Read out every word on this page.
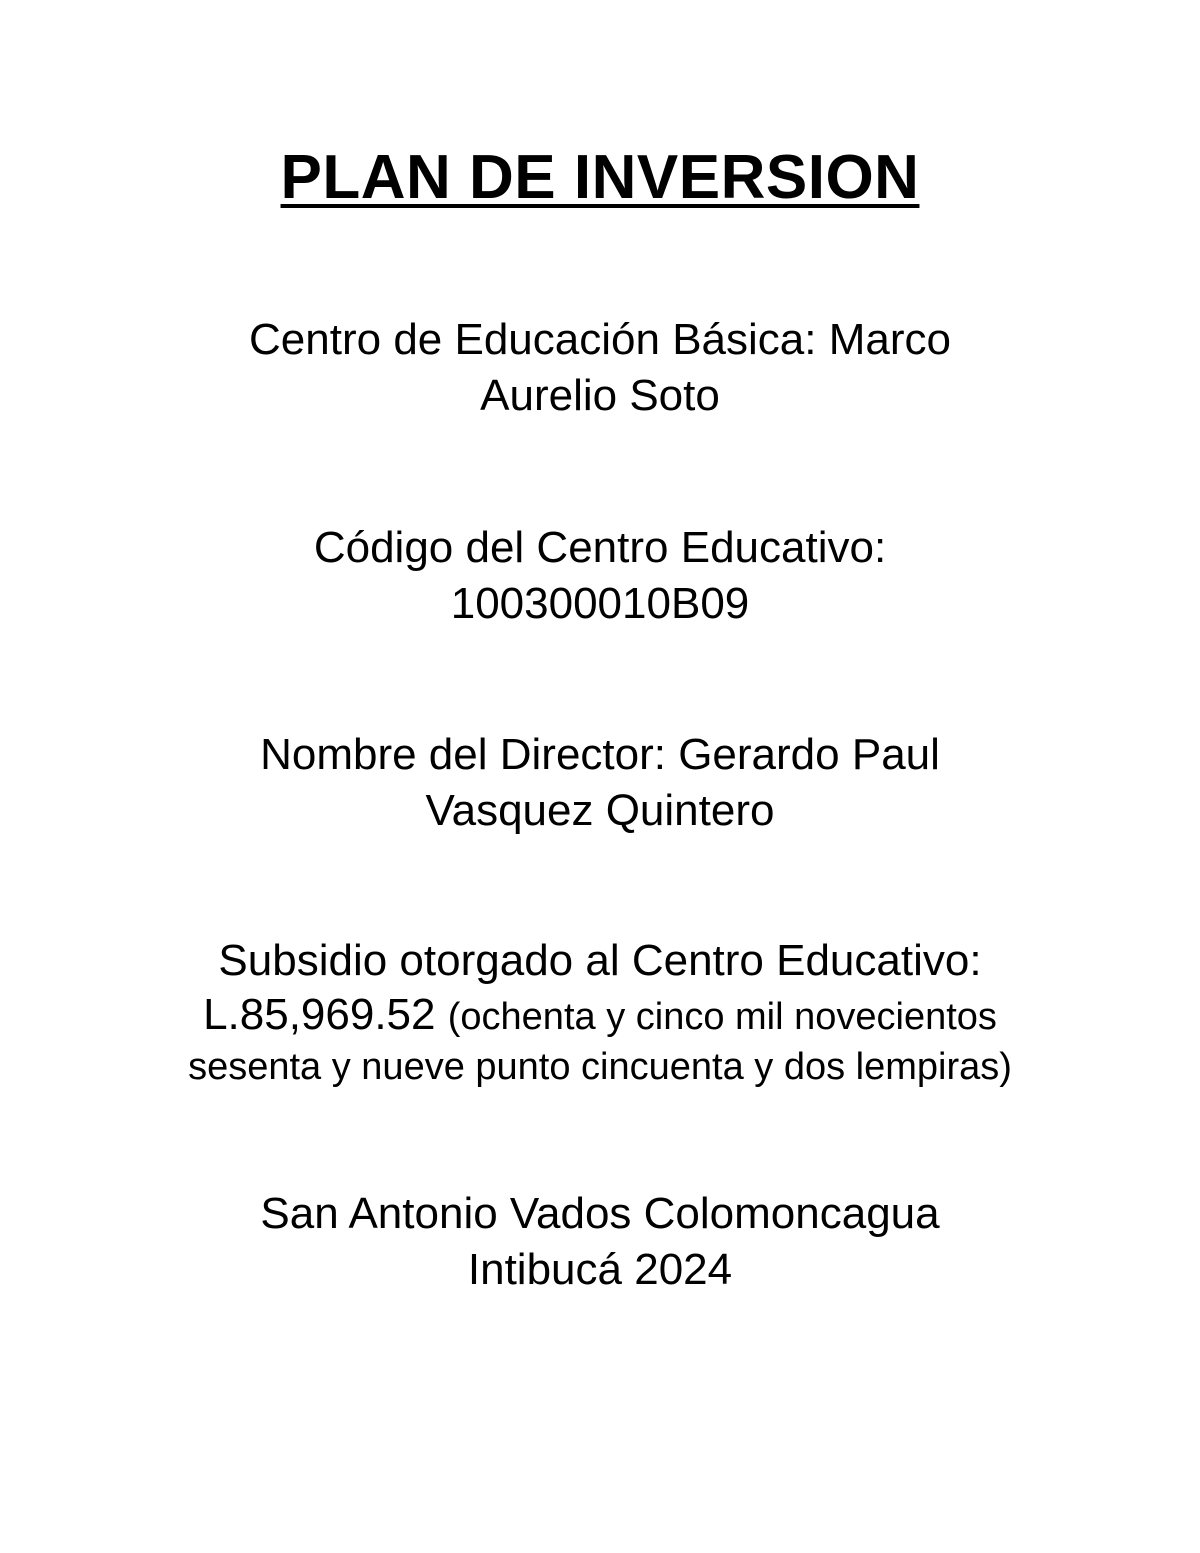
PLAN DE INVERSION
Centro de Educación Básica: Marco
Aurelio Soto
Código del Centro Educativo:
100300010B09
Nombre del Director: Gerardo Paul
Vasquez Quintero
Subsidio otorgado al Centro Educativo:
L.85,969.52 (ochenta y cinco mil novecientos
sesenta y nueve punto cincuenta y dos lempiras)
San Antonio Vados Colomoncagua
Intibucá 2024
